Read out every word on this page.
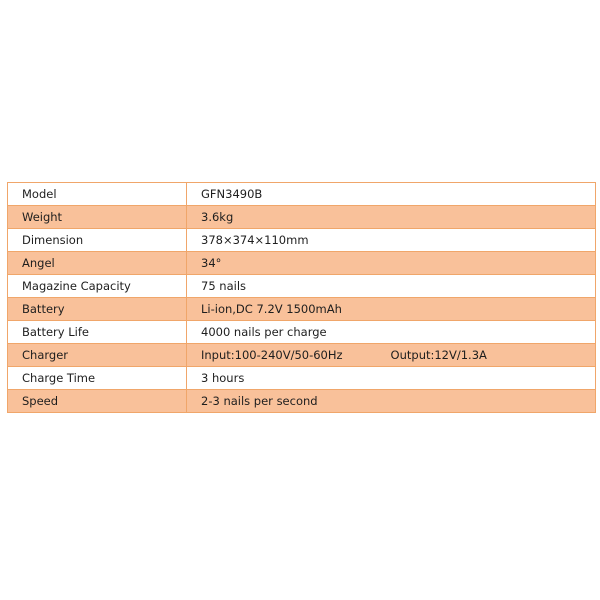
Model	GFN3490B
Weight	3.6kg
Dimension	378×374×110mm
Angel	34°
Magazine Capacity	75 nails
Battery	Li-ion,DC 7.2V 1500mAh
Battery Life	4000 nails per charge
Charger	Input:100-240V/50-60Hz Output:12V/1.3A
Charge Time	3 hours
Speed	2-3 nails per second
